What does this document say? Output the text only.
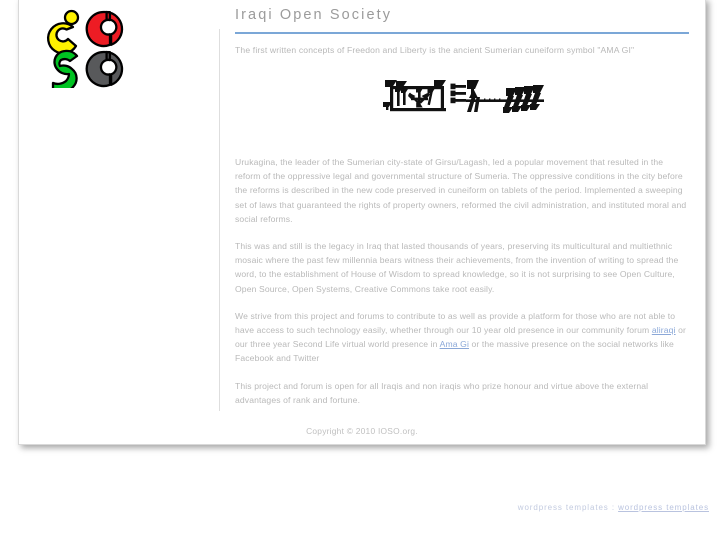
Iraqi Open Society

The first written concepts of Freedon and Liberty is the ancient Sumerian cuneiform symbol "AMA GI"

Urukagina, the leader of the Sumerian city-state of Girsu/Lagash, led a popular movement that resulted in the reform of the oppressive legal and governmental structure of Sumeria. The oppressive conditions in the city before the reforms is described in the new code preserved in cuneiform on tablets of the period. Implemented a sweeping set of laws that guaranteed the rights of property owners, reformed the civil administration, and instituted moral and social reforms.

This was and still is the legacy in Iraq that lasted thousands of years, preserving its multicultural and multiethnic mosaic where the past few millennia bears witness their achievements, from the invention of writing to spread the word, to the establishment of House of Wisdom to spread knowledge, so it is not surprising to see Open Culture, Open Source, Open Systems, Creative Commons take root easily.

We strive from this project and forums to contribute to as well as provide a platform for those who are not able to have access to such technology easily, whether through our 10 year old presence in our community forum aliraqi or our three year Second Life virtual world presence in Ama Gi or the massive presence on the social networks like Facebook and Twitter

This project and forum is open for all Iraqis and non iraqis who prize honour and virtue above the external advantages of rank and fortune.

Copyright © 2010 IOSO.org.
wordpress templates : wordpress templates
